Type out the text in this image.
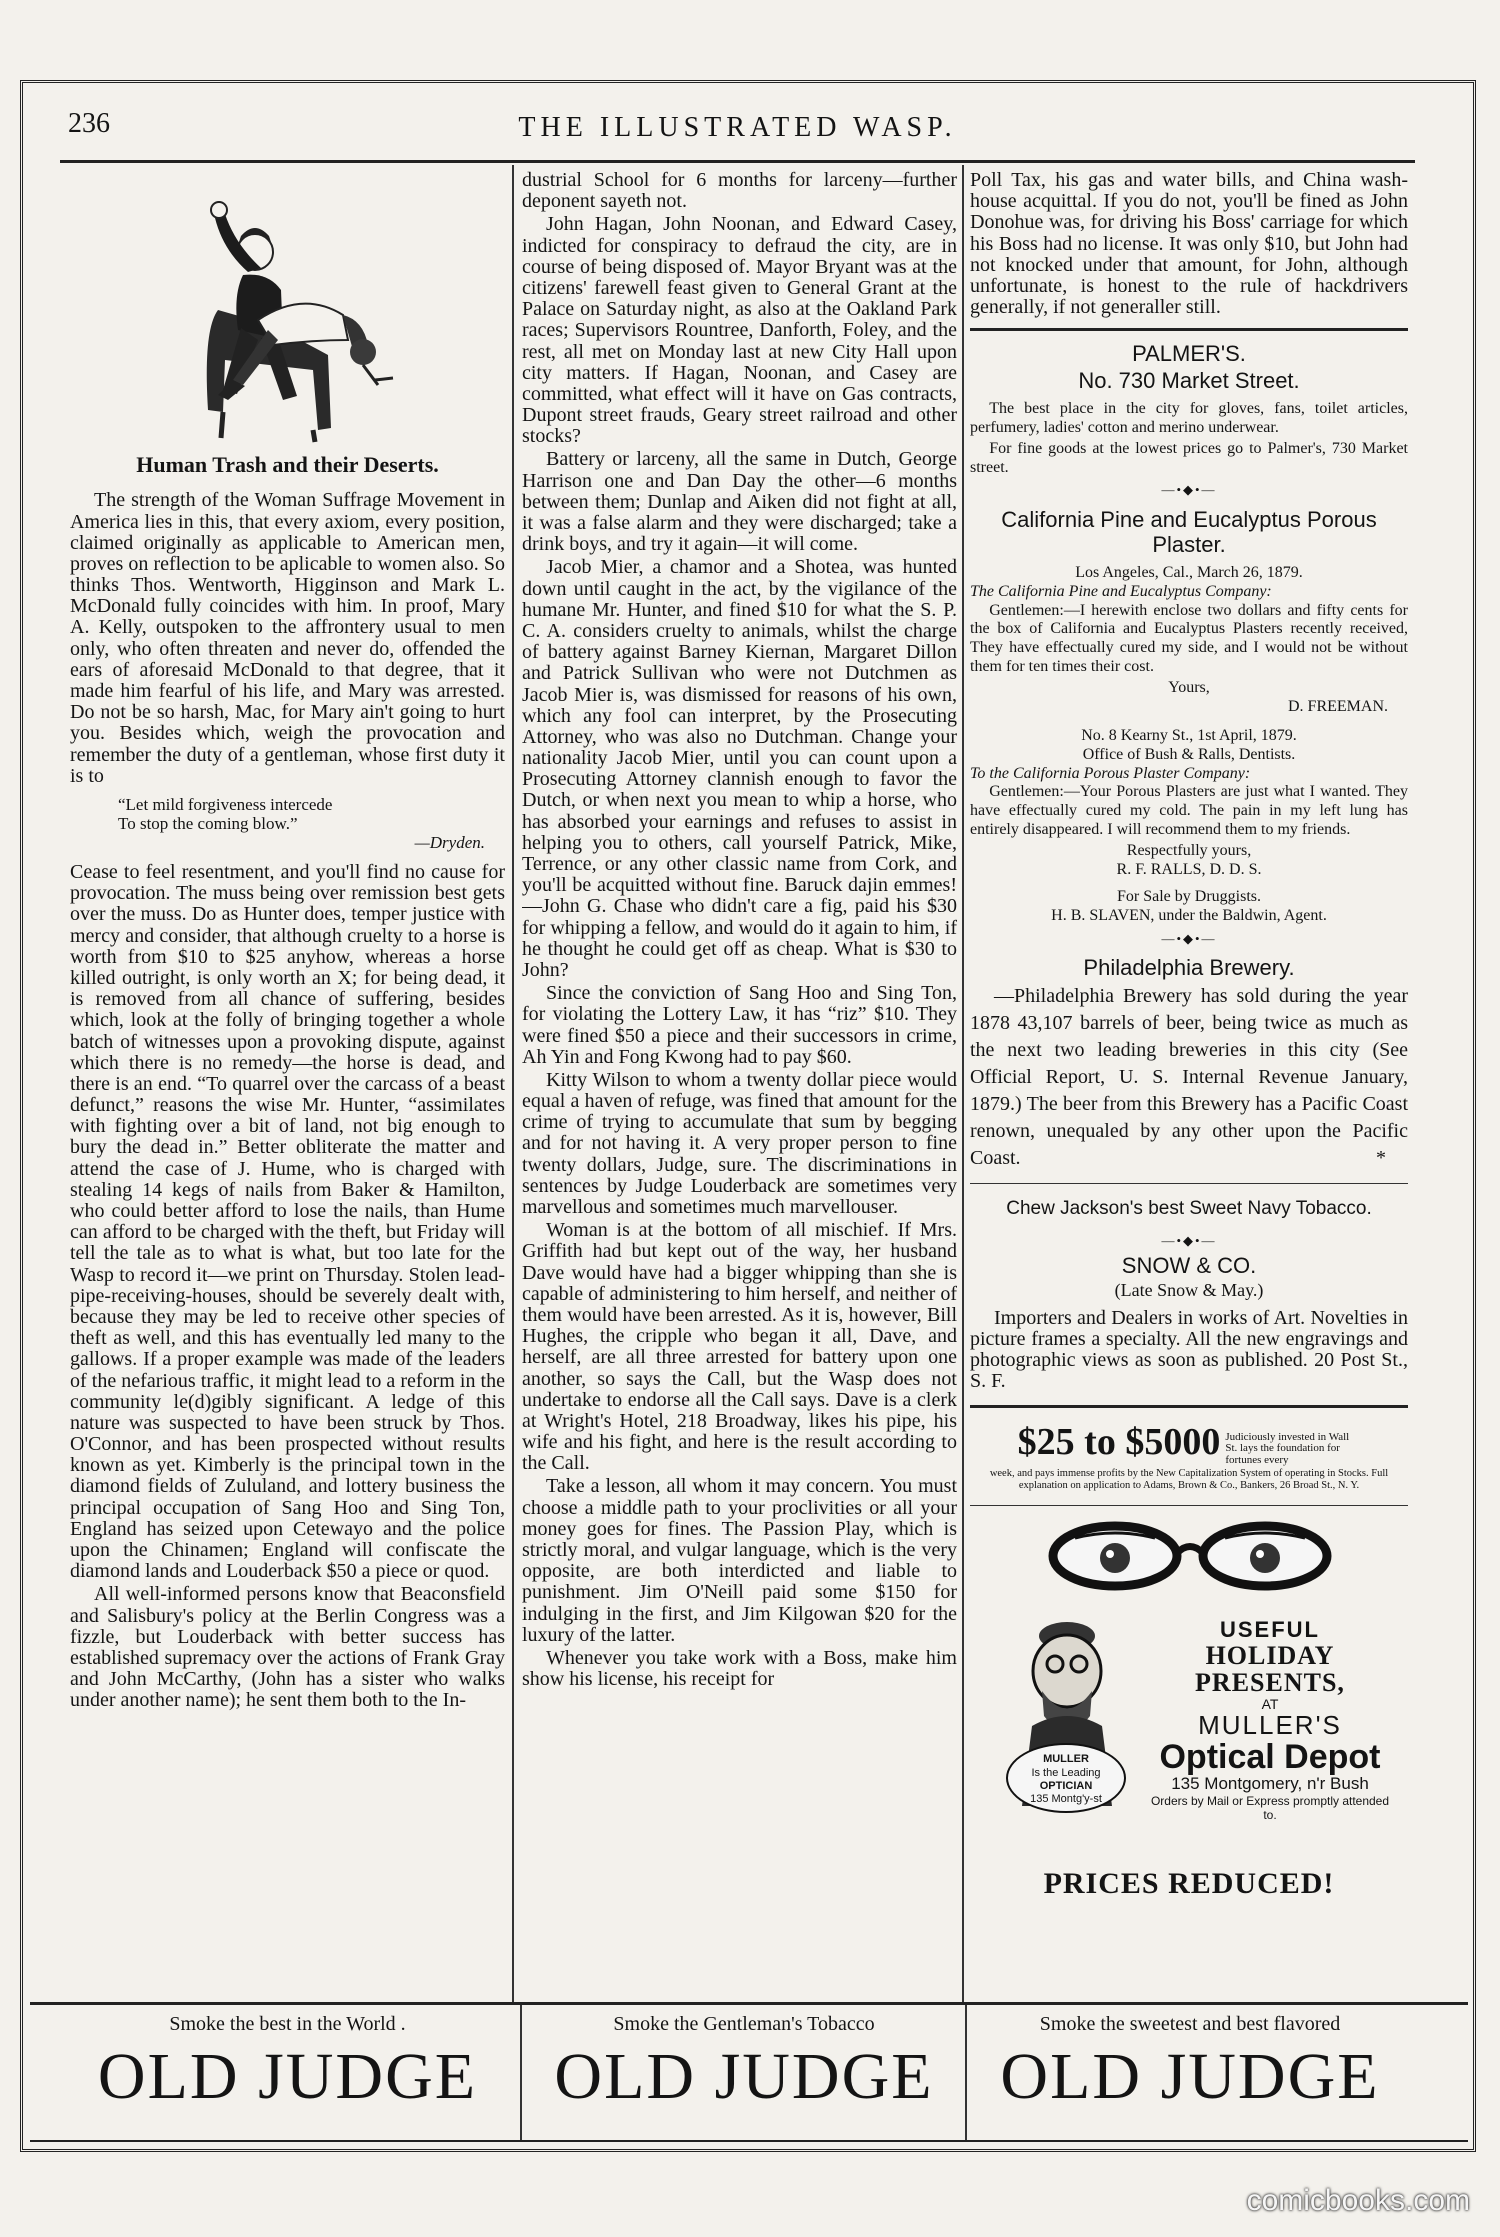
236	THE ILLUSTRATED WASP.
Human Trash and their Deserts.

The strength of the Woman Suffrage Movement in America lies in this, that every axiom, every position, claimed originally as applicable to American men, proves on reflection to be aplicable to women also. So thinks Thos. Wentworth, Higginson and Mark L. McDonald fully coincides with him. In proof, Mary A. Kelly, outspoken to the affrontery usual to men only, who often threaten and never do, offended the ears of aforesaid McDonald to that degree, that it made him fearful of his life, and Mary was arrested. Do not be so harsh, Mac, for Mary ain't going to hurt you. Besides which, weigh the provocation and remember the duty of a gentleman, whose first duty it is to

“Let mild forgiveness intercede
To stop the coming blow.”
—Dryden.

Cease to feel resentment, and you'll find no cause for provocation. The muss being over remission best gets over the muss. Do as Hunter does, temper justice with mercy and consider, that although cruelty to a horse is worth from $10 to $25 anyhow, whereas a horse killed outright, is only worth an X; for being dead, it is removed from all chance of suffering, besides which, look at the folly of bringing together a whole batch of witnesses upon a provoking dispute, against which there is no remedy—the horse is dead, and there is an end. “To quarrel over the carcass of a beast defunct,” reasons the wise Mr. Hunter, “assimilates with fighting over a bit of land, not big enough to bury the dead in.” Better obliterate the matter and attend the case of J. Hume, who is charged with stealing 14 kegs of nails from Baker & Hamilton, who could better afford to lose the nails, than Hume can afford to be charged with the theft, but Friday will tell the tale as to what is what, but too late for the Wasp to record it—we print on Thursday. Stolen lead-pipe-receiving-houses, should be severely dealt with, because they may be led to receive other species of theft as well, and this has eventually led many to the gallows. If a proper example was made of the leaders of the nefarious traffic, it might lead to a reform in the community le(d)gibly significant. A ledge of this nature was suspected to have been struck by Thos. O'Connor, and has been prospected without results known as yet. Kimberly is the principal town in the diamond fields of Zululand, and lottery business the principal occupation of Sang Hoo and Sing Ton, England has seized upon Cetewayo and the police upon the Chinamen; England will confiscate the diamond lands and Louderback $50 a piece or quod.

All well-informed persons know that Beaconsfield and Salisbury's policy at the Berlin Congress was a fizzle, but Louderback with better success has established supremacy over the actions of Frank Gray and John McCarthy, (John has a sister who walks under another name); he sent them both to the In-

dustrial School for 6 months for larceny—further deponent sayeth not.

John Hagan, John Noonan, and Edward Casey, indicted for conspiracy to defraud the city, are in course of being disposed of. Mayor Bryant was at the citizens' farewell feast given to General Grant at the Palace on Saturday night, as also at the Oakland Park races; Supervisors Rountree, Danforth, Foley, and the rest, all met on Monday last at new City Hall upon city matters. If Hagan, Noonan, and Casey are committed, what effect will it have on Gas contracts, Dupont street frauds, Geary street railroad and other stocks?

Battery or larceny, all the same in Dutch, George Harrison one and Dan Day the other—6 months between them; Dunlap and Aiken did not fight at all, it was a false alarm and they were discharged; take a drink boys, and try it again—it will come.

Jacob Mier, a chamor and a Shotea, was hunted down until caught in the act, by the vigilance of the humane Mr. Hunter, and fined $10 for what the S. P. C. A. considers cruelty to animals, whilst the charge of battery against Barney Kiernan, Margaret Dillon and Patrick Sullivan who were not Dutchmen as Jacob Mier is, was dismissed for reasons of his own, which any fool can interpret, by the Prosecuting Attorney, who was also no Dutchman. Change your nationality Jacob Mier, until you can count upon a Prosecuting Attorney clannish enough to favor the Dutch, or when next you mean to whip a horse, who has absorbed your earnings and refuses to assist in helping you to others, call yourself Patrick, Mike, Terrence, or any other classic name from Cork, and you'll be acquitted without fine. Baruck dajin emmes!—John G. Chase who didn't care a fig, paid his $30 for whipping a fellow, and would do it again to him, if he thought he could get off as cheap. What is $30 to John?

Since the conviction of Sang Hoo and Sing Ton, for violating the Lottery Law, it has “riz” $10. They were fined $50 a piece and their successors in crime, Ah Yin and Fong Kwong had to pay $60.

Kitty Wilson to whom a twenty dollar piece would equal a haven of refuge, was fined that amount for the crime of trying to accumulate that sum by begging and for not having it. A very proper person to fine twenty dollars, Judge, sure. The discriminations in sentences by Judge Louderback are sometimes very marvellous and sometimes much marvellouser.

Woman is at the bottom of all mischief. If Mrs. Griffith had but kept out of the way, her husband Dave would have had a bigger whipping than she is capable of administering to him herself, and neither of them would have been arrested. As it is, however, Bill Hughes, the cripple who began it all, Dave, and herself, are all three arrested for battery upon one another, so says the Call, but the Wasp does not undertake to endorse all the Call says. Dave is a clerk at Wright's Hotel, 218 Broadway, likes his pipe, his wife and his fight, and here is the result according to the Call.

Take a lesson, all whom it may concern. You must choose a middle path to your proclivities or all your money goes for fines. The Passion Play, which is strictly moral, and vulgar language, which is the very opposite, are both interdicted and liable to punishment. Jim O'Neill paid some $150 for indulging in the first, and Jim Kilgowan $20 for the luxury of the latter.

Whenever you take work with a Boss, make him show his license, his receipt for

Poll Tax, his gas and water bills, and China wash-house acquittal. If you do not, you'll be fined as John Donohue was, for driving his Boss' carriage for which his Boss had no license. It was only $10, but John had not knocked under that amount, for John, although unfortunate, is honest to the rule of hackdrivers generally, if not generaller still.

PALMER'S.
No. 730 Market Street.

The best place in the city for gloves, fans, toilet articles, perfumery, ladies' cotton and merino underwear.

For fine goods at the lowest prices go to Palmer's, 730 Market street.

—•◆•—
California Pine and Eucalyptus Porous Plaster.
Los Angeles, Cal., March 26, 1879.
The California Pine and Eucalyptus Company:

Gentlemen:—I herewith enclose two dollars and fifty cents for the box of California and Eucalyptus Plasters recently received, They have effectually cured my side, and I would not be without them for ten times their cost.

Yours,
D. FREEMAN.
No. 8 Kearny St., 1st April, 1879.
Office of Bush & Ralls, Dentists.
To the California Porous Plaster Company:

Gentlemen:—Your Porous Plasters are just what I wanted. They have effectually cured my cold. The pain in my left lung has entirely disappeared. I will recommend them to my friends.

Respectfully yours,
R. F. RALLS, D. D. S.
For Sale by Druggists.
H. B. SLAVEN, under the Baldwin, Agent.
—•◆•—
Philadelphia Brewery.

—Philadelphia Brewery has sold during the year 1878 43,107 barrels of beer, being twice as much as the next two leading breweries in this city (See Official Report, U. S. Internal Revenue January, 1879.) The beer from this Brewery has a Pacific Coast renown, unequaled by any other upon the Pacific Coast.	*
Chew Jackson's best Sweet Navy Tobacco.
—•◆•—
SNOW & CO.
(Late Snow & May.)

Importers and Dealers in works of Art. Novelties in picture frames a specialty. All the new engravings and photographic views as soon as published. 20 Post St., S. F.

$25 to $5000 Judiciously invested in Wall St. lays the foundation for fortunes every
week, and pays immense profits by the New Capitalization System of operating in Stocks. Full explanation on application to Adams, Brown & Co., Bankers, 26 Broad St., N. Y.
MULLER
Is the Leading
OPTICIAN
135 Montg'y-st
USEFUL
HOLIDAY PRESENTS,
AT
MULLER'S
Optical Depot
135 Montgomery, n'r Bush
Orders by Mail or Express promptly attended to.
PRICES REDUCED!
Smoke the best in the World .
OLD JUDGE
Smoke the Gentleman's Tobacco
OLD JUDGE
Smoke the sweetest and best flavored
OLD JUDGE
comicbooks.com
